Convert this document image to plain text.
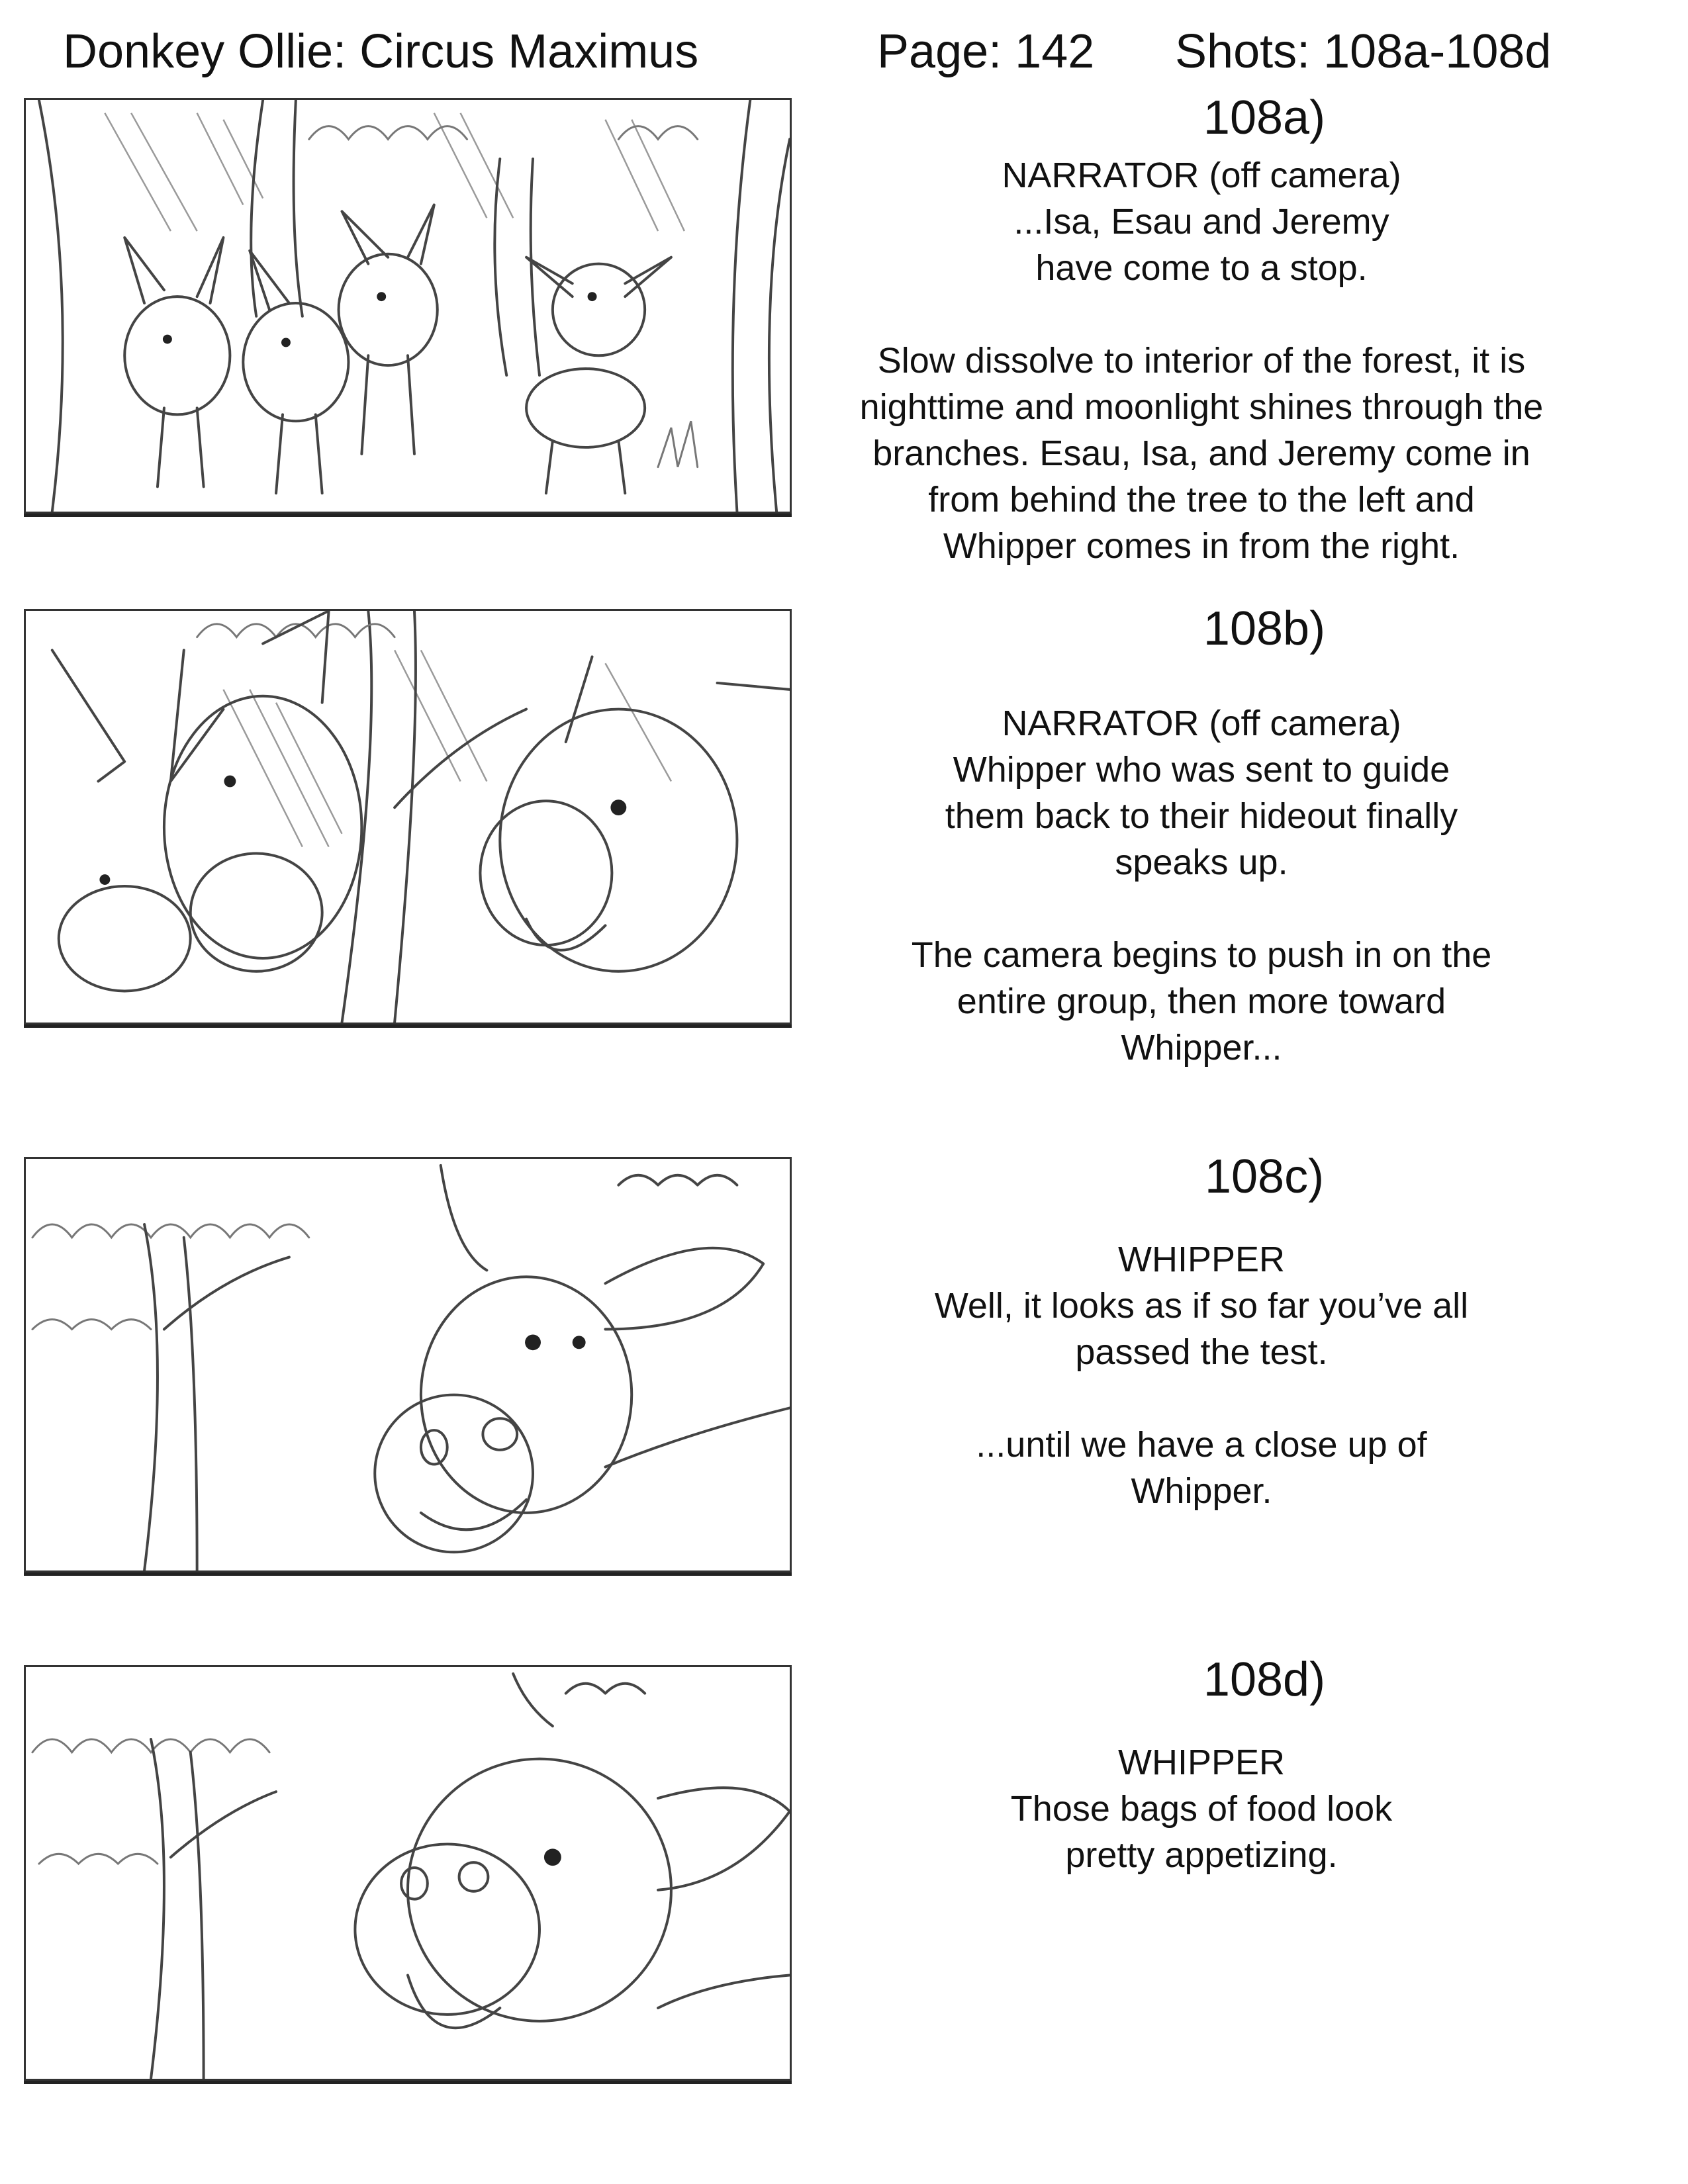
Donkey Ollie: Circus Maximus	Page: 142 Shots: 108a-108d
108a)

NARRATOR (off camera)

...Isa, Esau and Jeremy

have come to a stop.

Slow dissolve to interior of the forest, it is

nighttime and moonlight shines through the

branches. Esau, Isa, and Jeremy come in

from behind the tree to the left and

Whipper comes in from the right.

108b)

NARRATOR (off camera)

Whipper who was sent to guide

them back to their hideout finally

speaks up.

The camera begins to push in on the

entire group, then more toward

Whipper...

108c)

WHIPPER

Well, it looks as if so far you’ve all

passed the test.

...until we have a close up of

Whipper.

108d)

WHIPPER

Those bags of food look

pretty appetizing.
